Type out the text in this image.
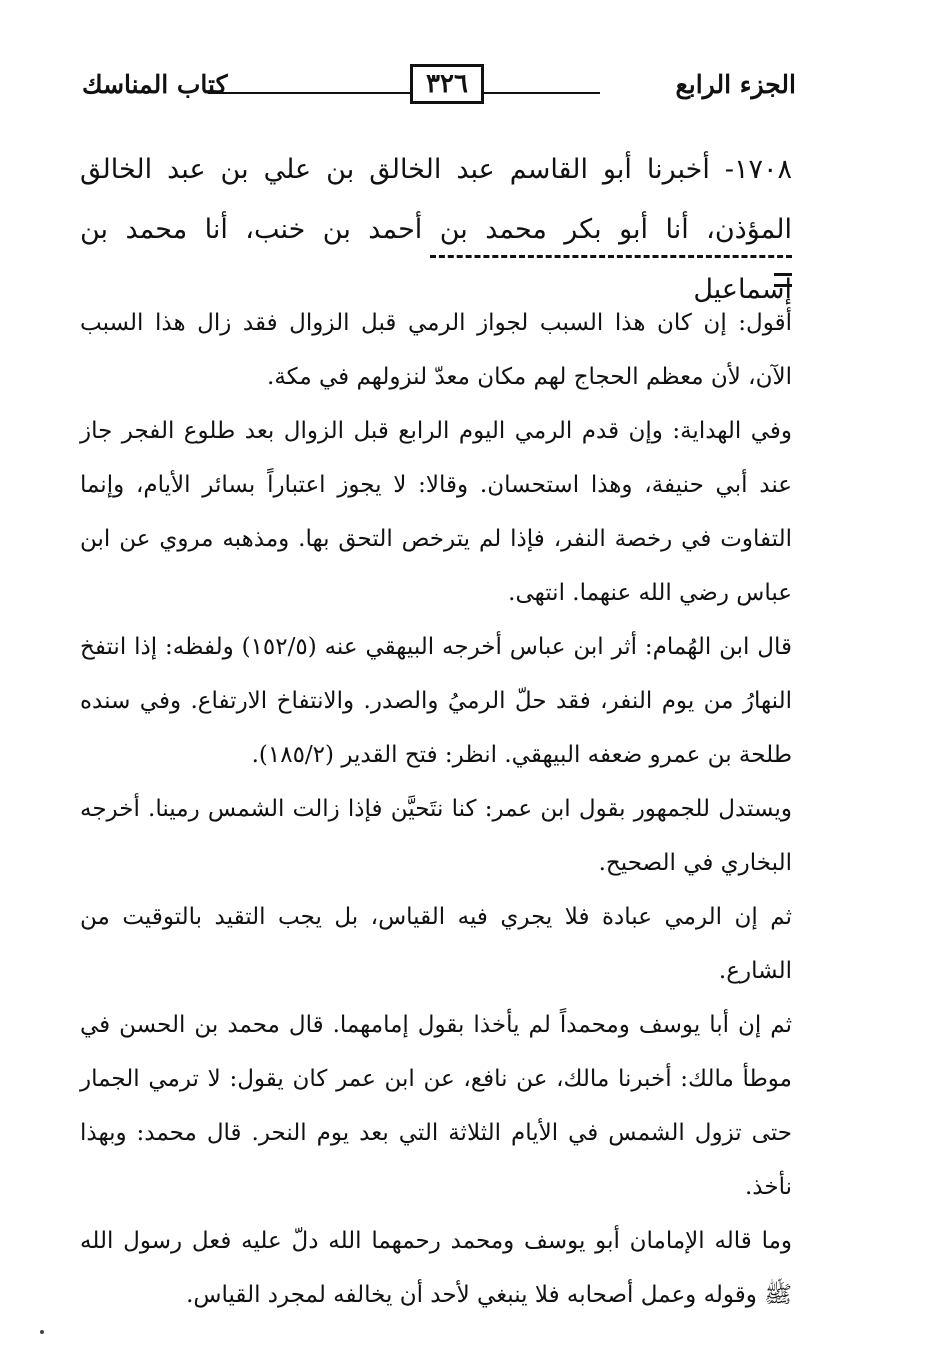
الجزء الرابع
٣٢٦
كتاب المناسك

١٧٠٨- أخبرنا أبو القاسم عبد الخالق بن علي بن عبد الخالق المؤذن، أنا أبو بكر محمد بن أحمد بن خنب، أنا محمد بن إسماعيل

أقول: إن كان هذا السبب لجواز الرمي قبل الزوال فقد زال هذا السبب الآن، لأن معظم الحجاج لهم مكان معدّ لنزولهم في مكة.

وفي الهداية: وإن قدم الرمي اليوم الرابع قبل الزوال بعد طلوع الفجر جاز عند أبي حنيفة، وهذا استحسان. وقالا: لا يجوز اعتباراً بسائر الأيام، وإنما التفاوت في رخصة النفر، فإذا لم يترخص التحق بها. ومذهبه مروي عن ابن عباس رضي الله عنهما. انتهى.

قال ابن الهُمام: أثر ابن عباس أخرجه البيهقي عنه (١٥٢/٥) ولفظه: إذا انتفخ النهارُ من يوم النفر، فقد حلّ الرميُ والصدر. والانتفاخ الارتفاع. وفي سنده طلحة بن عمرو ضعفه البيهقي. انظر: فتح القدير (١٨٥/٢).

ويستدل للجمهور بقول ابن عمر: كنا نتَحيَّن فإذا زالت الشمس رمينا. أخرجه البخاري في الصحيح.

ثم إن الرمي عبادة فلا يجري فيه القياس، بل يجب التقيد بالتوقيت من الشارع.

ثم إن أبا يوسف ومحمداً لم يأخذا بقول إمامهما. قال محمد بن الحسن في موطأ مالك: أخبرنا مالك، عن نافع، عن ابن عمر كان يقول: لا ترمي الجمار حتى تزول الشمس في الأيام الثلاثة التي بعد يوم النحر. قال محمد: وبهذا نأخذ.

وما قاله الإمامان أبو يوسف ومحمد رحمهما الله دلّ عليه فعل رسول الله ﷺ وقوله وعمل أصحابه فلا ينبغي لأحد أن يخالفه لمجرد القياس.
